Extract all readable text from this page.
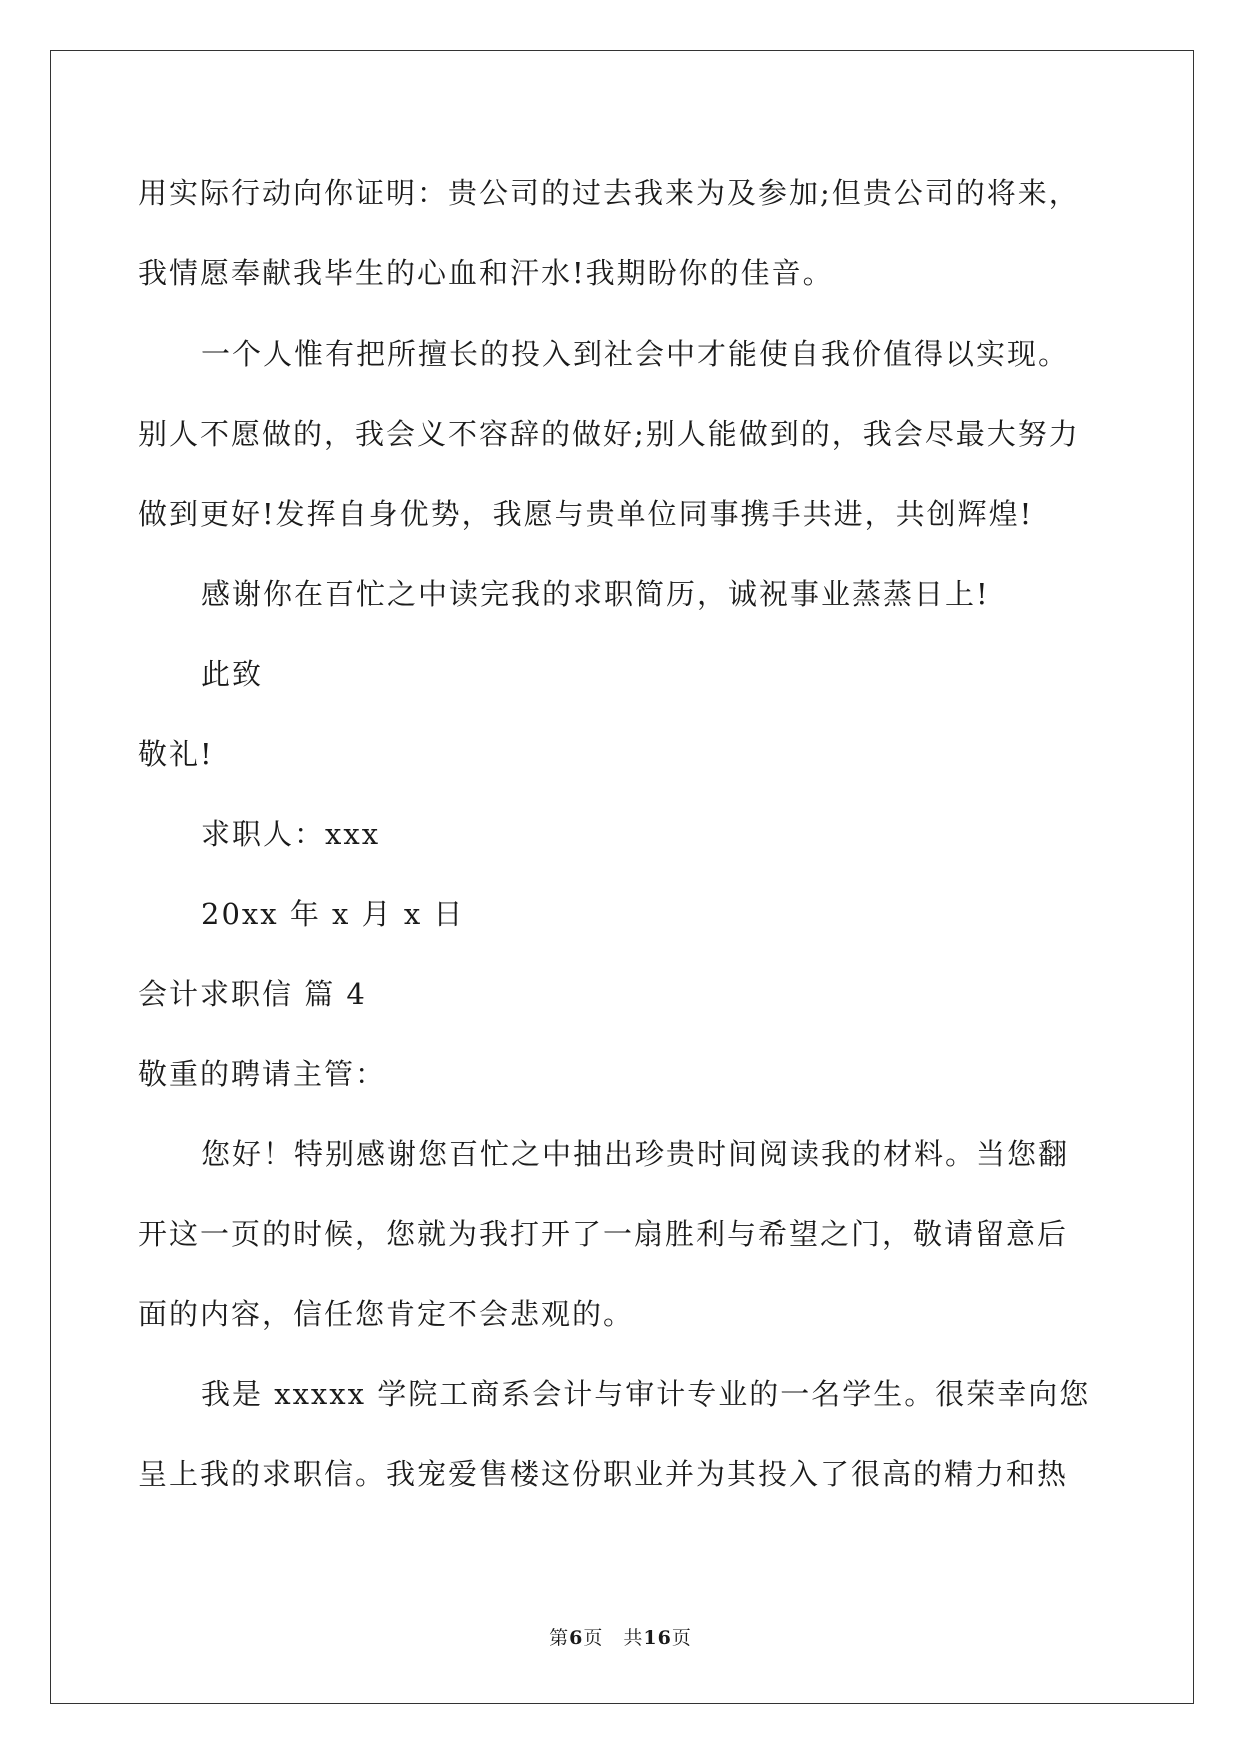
用实际行动向你证明：贵公司的过去我来为及参加;但贵公司的将来，
我情愿奉献我毕生的心血和汗水!我期盼你的佳音。
一个人惟有把所擅长的投入到社会中才能使自我价值得以实现。
别人不愿做的，我会义不容辞的做好;别人能做到的，我会尽最大努力
做到更好!发挥自身优势，我愿与贵单位同事携手共进，共创辉煌!
感谢你在百忙之中读完我的求职简历，诚祝事业蒸蒸日上!
此致
敬礼!
求职人：xxx
20xx 年 x 月 x 日
会计求职信 篇 4
敬重的聘请主管：
您好！特别感谢您百忙之中抽出珍贵时间阅读我的材料。当您翻
开这一页的时候，您就为我打开了一扇胜利与希望之门，敬请留意后
面的内容，信任您肯定不会悲观的。
我是 xxxxx 学院工商系会计与审计专业的一名学生。很荣幸向您
呈上我的求职信。我宠爱售楼这份职业并为其投入了很高的精力和热
第6页　共16页
